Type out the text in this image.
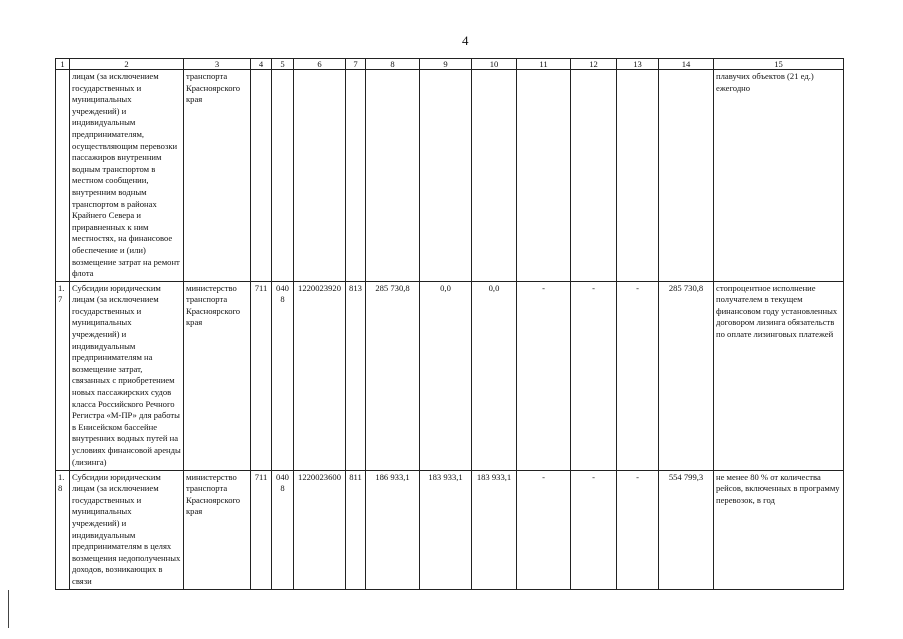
4
1	2	3	4	5	6	7	8	9	10	11	12	13	14	15
	лицам (за исключением государственных и муниципальных учреждений) и индивидуальным предпринимателям, осуществляющим перевозки пассажиров внутренним водным транспортом в местном сообщении, внутренним водным транспортом в районах Крайнего Севера и приравненных к ним местностях, на финансовое обеспечение и (или) возмещение затрат на ремонт флота	транспорта Красноярского края												плавучих объектов (21 ед.) ежегодно
1.7	Субсидии юридическим лицам (за исключением государственных и муниципальных учреждений) и индивидуальным предпринимателям на возмещение затрат, связанных с приобретением новых пассажирских судов класса Российского Речного Регистра «М-ПР» для работы в Енисейском бассейне внутренних водных путей на условиях финансовой аренды (лизинга)	министерство транспорта Красноярского края	711	0408	1220023920	813	285 730,8	0,0	0,0	-	-	-	285 730,8	стопроцентное исполнение получателем в текущем финансовом году установленных договором лизинга обязательств по оплате лизинговых платежей
1.8	Субсидии юридическим лицам (за исключением государственных и муниципальных учреждений) и индивидуальным предпринимателям в целях возмещения недополученных доходов, возникающих в связи	министерство транспорта Красноярского края	711	0408	1220023600	811	186 933,1	183 933,1	183 933,1	-	-	-	554 799,3	не менее 80 % от количества рейсов, включенных в программу перевозок, в год
